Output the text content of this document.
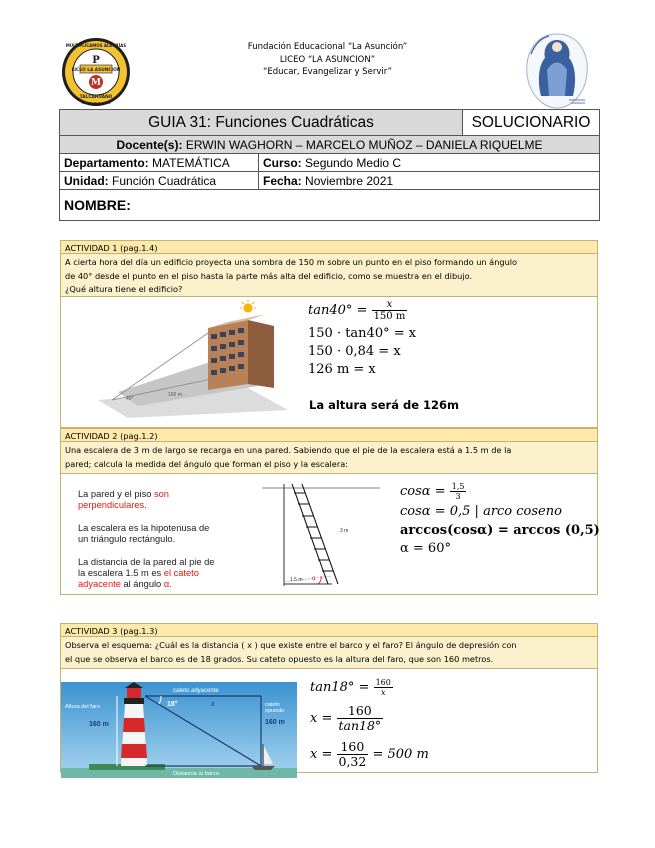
M
P
LICEO LA ASUNCIÓN
MULTIPLICAMOS ALEGRÍAS
TALCAHUANO
SEMBRAMOS AMOR
Fundación Educacional “La Asunción”
LICEO “LA ASUNCION”
“Educar, Evangelizar y Servir”
GUIA 31: Funciones Cuadráticas		SOLUCIONARIO
Docente(s): ERWIN WAGHORN – MARCELO MUÑOZ – DANIELA RIQUELME		
Departamento: MATEMÁTICA	Curso: Segundo Medio C	
Unidad: Función Cuadrática	Fecha: Noviembre 2021	
NOMBRE:		
ACTIVIDAD 1 (pag.1.4)
A cierta hora del día un edificio proyecta una sombra de 150 m sobre un punto en el piso formando un ángulo
de 40° desde el punto en el piso hasta la parte más alta del edificio, como se muestra en el dibujo.
¿Qué altura tiene el edificio?
40°
150 m
$\tan 40^\circ = \frac{x}{150 m}$
150 · tan40° = x
150 · 0,84 = x
126 m = x
La altura será de 126m
ACTIVIDAD 2 (pag.1.2)
Una escalera de 3 m de largo se recarga en una pared. Sabiendo que el pie de la escalera está a 1.5 m de la
pared; calcula la medida del ángulo que forman el piso y la escalera:
La pared y el piso son
perpendiculares.
La escalera es la hipotenusa de
un triángulo rectángulo.
La distancia de la pared al pie de
la escalera 1.5 m es el cateto
adyacente al ángulo α.	α
3 m
1.5 m
$\cos\alpha = \frac{1,5}{3}$
cosα = 0,5 | arco coseno
arccos(cosα) = arccos (0,5)
α = 60°
ACTIVIDAD 3 (pag.1.3)
Observa el esquema: ¿Cuál es la distancia ( x ) que existe entre el barco y el faro? El ángulo de depresión con
el que se observa el barco es de 18 grados. Su cateto opuesto es la altura del faro, que son 160 metros.
cateto adyacente
Altura del faro
160 m
18°	x	cateto
opuesto
160 m
Distancia al barco
$\tan 18^\circ = \frac{160}{x}$
$x = \frac{160}{\tan 18^\circ}$
$x = \frac{160}{0,32} = 500$ m
